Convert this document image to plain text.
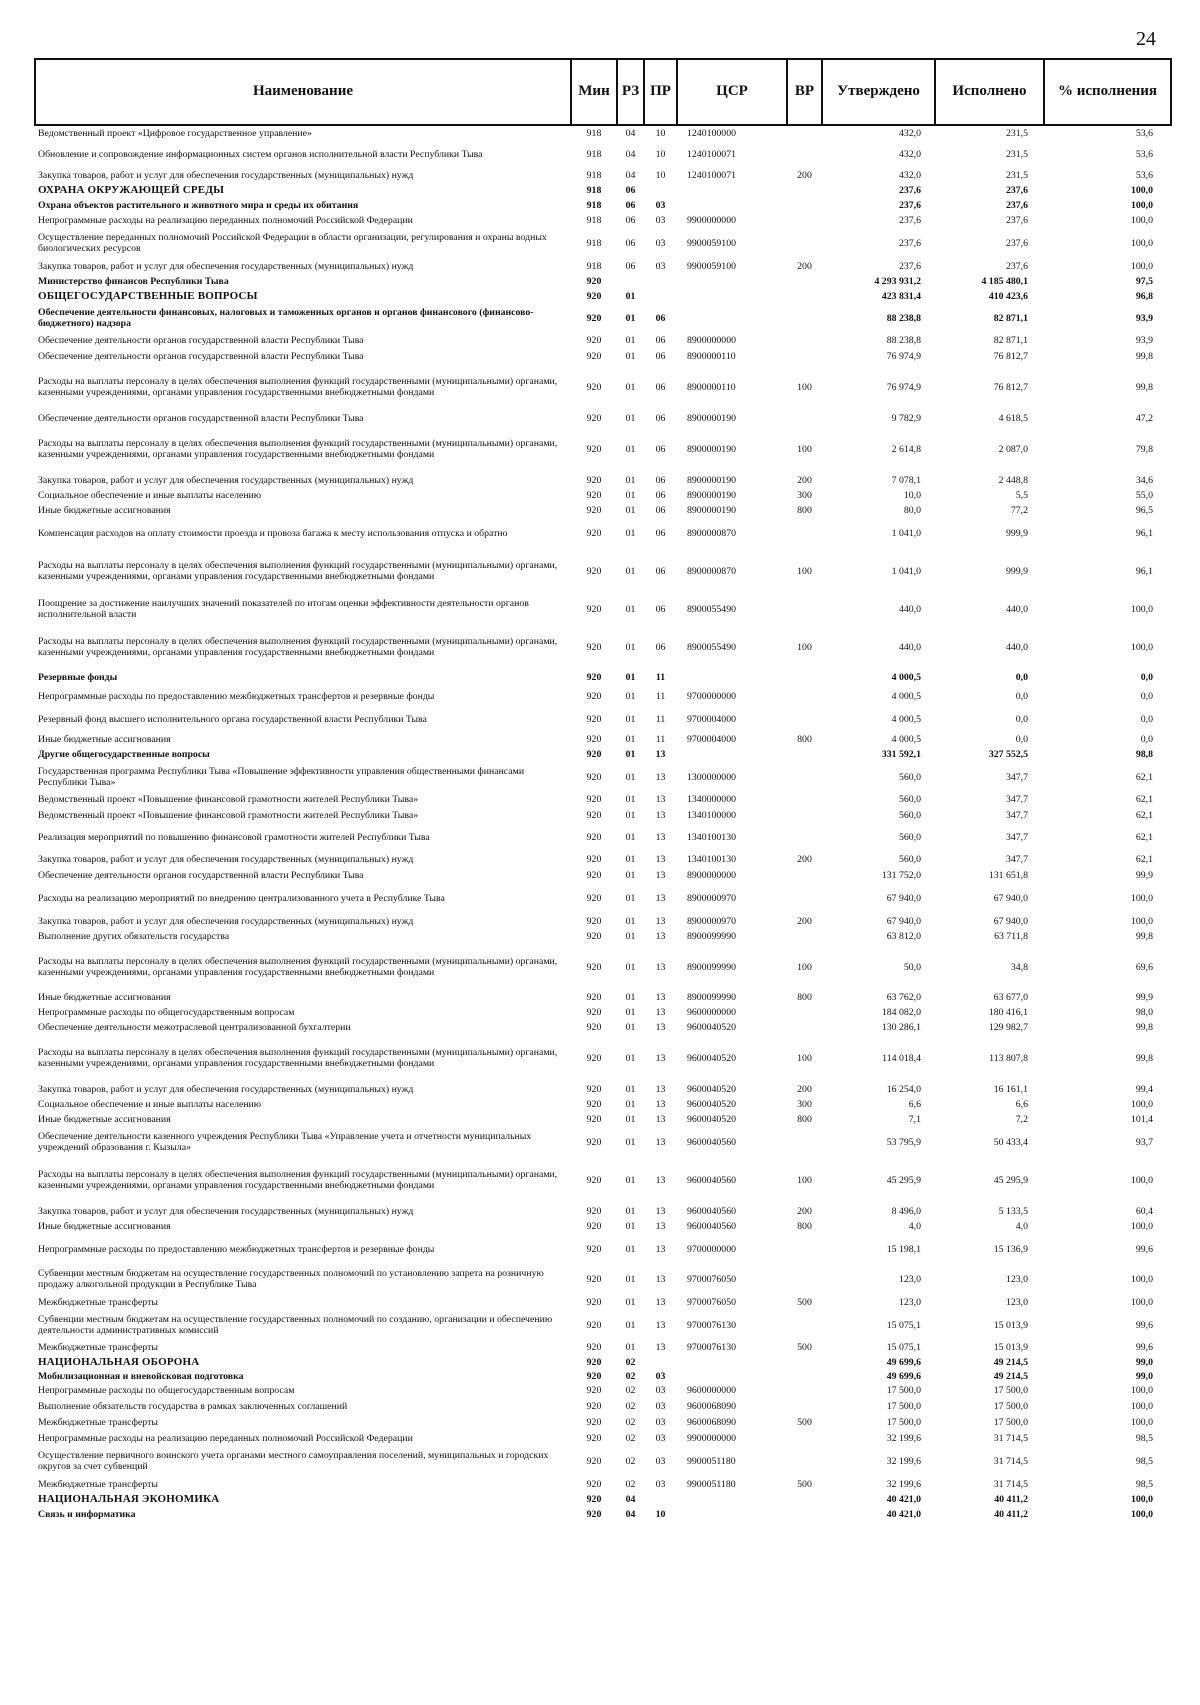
24
Наименование	Мин	РЗ	ПР	ЦСР	ВР	Утверждено	Исполнено	% исполнения
Ведомственный проект «Цифровое государственное управление»	918	04	10	1240100000		432,0	231,5	53,6
Обновление и сопровождение информационных систем органов исполнительной власти Республики Тыва	918	04	10	1240100071		432,0	231,5	53,6
Закупка товаров, работ и услуг для обеспечения государственных (муниципальных) нужд	918	04	10	1240100071	200	432,0	231,5	53,6
ОХРАНА ОКРУЖАЮЩЕЙ СРЕДЫ	918	06				237,6	237,6	100,0
Охрана объектов растительного и животного мира и среды их обитания	918	06	03			237,6	237,6	100,0
Непрограммные расходы на реализацию переданных полномочий Российской Федерации	918	06	03	9900000000		237,6	237,6	100,0
Осуществление переданных полномочий Российской Федерации в области организации, регулирования и охраны водных биологических ресурсов	918	06	03	9900059100		237,6	237,6	100,0
Закупка товаров, работ и услуг для обеспечения государственных (муниципальных) нужд	918	06	03	9900059100	200	237,6	237,6	100,0
Министерство финансов Республики Тыва	920					4 293 931,2	4 185 480,1	97,5
ОБЩЕГОСУДАРСТВЕННЫЕ ВОПРОСЫ	920	01				423 831,4	410 423,6	96,8
Обеспечение деятельности финансовых, налоговых и таможенных органов и органов финансового (финансово-бюджетного) надзора	920	01	06			88 238,8	82 871,1	93,9
Обеспечение деятельности органов государственной власти Республики Тыва	920	01	06	8900000000		88 238,8	82 871,1	93,9
Обеспечение деятельности органов государственной власти Республики Тыва	920	01	06	8900000110		76 974,9	76 812,7	99,8
Расходы на выплаты персоналу в целях обеспечения выполнения функций государственными (муниципальными) органами, казенными учреждениями, органами управления государственными внебюджетными фондами	920	01	06	8900000110	100	76 974,9	76 812,7	99,8
Обеспечение деятельности органов государственной власти Республики Тыва	920	01	06	8900000190		9 782,9	4 618,5	47,2
Расходы на выплаты персоналу в целях обеспечения выполнения функций государственными (муниципальными) органами, казенными учреждениями, органами управления государственными внебюджетными фондами	920	01	06	8900000190	100	2 614,8	2 087,0	79,8
Закупка товаров, работ и услуг для обеспечения государственных (муниципальных) нужд	920	01	06	8900000190	200	7 078,1	2 448,8	34,6
Социальное обеспечение и иные выплаты населению	920	01	06	8900000190	300	10,0	5,5	55,0
Иные бюджетные ассигнования	920	01	06	8900000190	800	80,0	77,2	96,5
Компенсация расходов на оплату стоимости проезда и провоза багажа к месту использования отпуска и обратно	920	01	06	8900000870		1 041,0	999,9	96,1
Расходы на выплаты персоналу в целях обеспечения выполнения функций государственными (муниципальными) органами, казенными учреждениями, органами управления государственными внебюджетными фондами	920	01	06	8900000870	100	1 041,0	999,9	96,1
Поощрение за достижение наилучших значений показателей по итогам оценки эффективности деятельности органов исполнительной власти	920	01	06	8900055490		440,0	440,0	100,0
Расходы на выплаты персоналу в целях обеспечения выполнения функций государственными (муниципальными) органами, казенными учреждениями, органами управления государственными внебюджетными фондами	920	01	06	8900055490	100	440,0	440,0	100,0
Резервные фонды	920	01	11			4 000,5	0,0	0,0
Непрограммные расходы по предоставлению межбюджетных трансфертов и резервные фонды	920	01	11	9700000000		4 000,5	0,0	0,0
Резервный фонд высшего исполнительного органа государственной власти Республики Тыва	920	01	11	9700004000		4 000,5	0,0	0,0
Иные бюджетные ассигнования	920	01	11	9700004000	800	4 000,5	0,0	0,0
Другие общегосударственные вопросы	920	01	13			331 592,1	327 552,5	98,8
Государственная программа Республики Тыва «Повышение эффективности управления общественными финансами Республики Тыва»	920	01	13	1300000000		560,0	347,7	62,1
Ведомственный проект «Повышение финансовой грамотности жителей Республики Тыва»	920	01	13	1340000000		560,0	347,7	62,1
Ведомственный проект «Повышение финансовой грамотности жителей Республики Тыва»	920	01	13	1340100000		560,0	347,7	62,1
Реализация мероприятий по повышению финансовой грамотности жителей Республики Тыва	920	01	13	1340100130		560,0	347,7	62,1
Закупка товаров, работ и услуг для обеспечения государственных (муниципальных) нужд	920	01	13	1340100130	200	560,0	347,7	62,1
Обеспечение деятельности органов государственной власти Республики Тыва	920	01	13	8900000000		131 752,0	131 651,8	99,9
Расходы на реализацию мероприятий по внедрению централизованного учета в Республике Тыва	920	01	13	8900000970		67 940,0	67 940,0	100,0
Закупка товаров, работ и услуг для обеспечения государственных (муниципальных) нужд	920	01	13	8900000970	200	67 940,0	67 940,0	100,0
Выполнение других обязательств государства	920	01	13	8900099990		63 812,0	63 711,8	99,8
Расходы на выплаты персоналу в целях обеспечения выполнения функций государственными (муниципальными) органами, казенными учреждениями, органами управления государственными внебюджетными фондами	920	01	13	8900099990	100	50,0	34,8	69,6
Иные бюджетные ассигнования	920	01	13	8900099990	800	63 762,0	63 677,0	99,9
Непрограммные расходы по общегосударственным вопросам	920	01	13	9600000000		184 082,0	180 416,1	98,0
Обеспечение деятельности межотраслевой централизованной бухгалтерии	920	01	13	9600040520		130 286,1	129 982,7	99,8
Расходы на выплаты персоналу в целях обеспечения выполнения функций государственными (муниципальными) органами, казенными учреждениями, органами управления государственными внебюджетными фондами	920	01	13	9600040520	100	114 018,4	113 807,8	99,8
Закупка товаров, работ и услуг для обеспечения государственных (муниципальных) нужд	920	01	13	9600040520	200	16 254,0	16 161,1	99,4
Социальное обеспечение и иные выплаты населению	920	01	13	9600040520	300	6,6	6,6	100,0
Иные бюджетные ассигнования	920	01	13	9600040520	800	7,1	7,2	101,4
Обеспечение деятельности казенного учреждения Республики Тыва «Управление учета и отчетности муниципальных учреждений образования г. Кызыла»	920	01	13	9600040560		53 795,9	50 433,4	93,7
Расходы на выплаты персоналу в целях обеспечения выполнения функций государственными (муниципальными) органами, казенными учреждениями, органами управления государственными внебюджетными фондами	920	01	13	9600040560	100	45 295,9	45 295,9	100,0
Закупка товаров, работ и услуг для обеспечения государственных (муниципальных) нужд	920	01	13	9600040560	200	8 496,0	5 133,5	60,4
Иные бюджетные ассигнования	920	01	13	9600040560	800	4,0	4,0	100,0
Непрограммные расходы по предоставлению межбюджетных трансфертов и резервные фонды	920	01	13	9700000000		15 198,1	15 136,9	99,6
Субвенции местным бюджетам на осуществление государственных полномочий по установлению запрета на розничную продажу алкогольной продукции в Республике Тыва	920	01	13	9700076050		123,0	123,0	100,0
Межбюджетные трансферты	920	01	13	9700076050	500	123,0	123,0	100,0
Субвенции местным бюджетам на осуществление государственных полномочий по созданию, организации и обеспечению деятельности административных комиссий	920	01	13	9700076130		15 075,1	15 013,9	99,6
Межбюджетные трансферты	920	01	13	9700076130	500	15 075,1	15 013,9	99,6
НАЦИОНАЛЬНАЯ ОБОРОНА	920	02				49 699,6	49 214,5	99,0
Мобилизационная и вневойсковая подготовка	920	02	03			49 699,6	49 214,5	99,0
Непрограммные расходы по общегосударственным вопросам	920	02	03	9600000000		17 500,0	17 500,0	100,0
Выполнение обязательств государства в рамках заключенных соглашений	920	02	03	9600068090		17 500,0	17 500,0	100,0
Межбюджетные трансферты	920	02	03	9600068090	500	17 500,0	17 500,0	100,0
Непрограммные расходы на реализацию переданных полномочий Российской Федерации	920	02	03	9900000000		32 199,6	31 714,5	98,5
Осуществление первичного воинского учета органами местного самоуправления поселений, муниципальных и городских округов за счет субвенций	920	02	03	9900051180		32 199,6	31 714,5	98,5
Межбюджетные трансферты	920	02	03	9900051180	500	32 199,6	31 714,5	98,5
НАЦИОНАЛЬНАЯ ЭКОНОМИКА	920	04				40 421,0	40 411,2	100,0
Связь и информатика	920	04	10			40 421,0	40 411,2	100,0
